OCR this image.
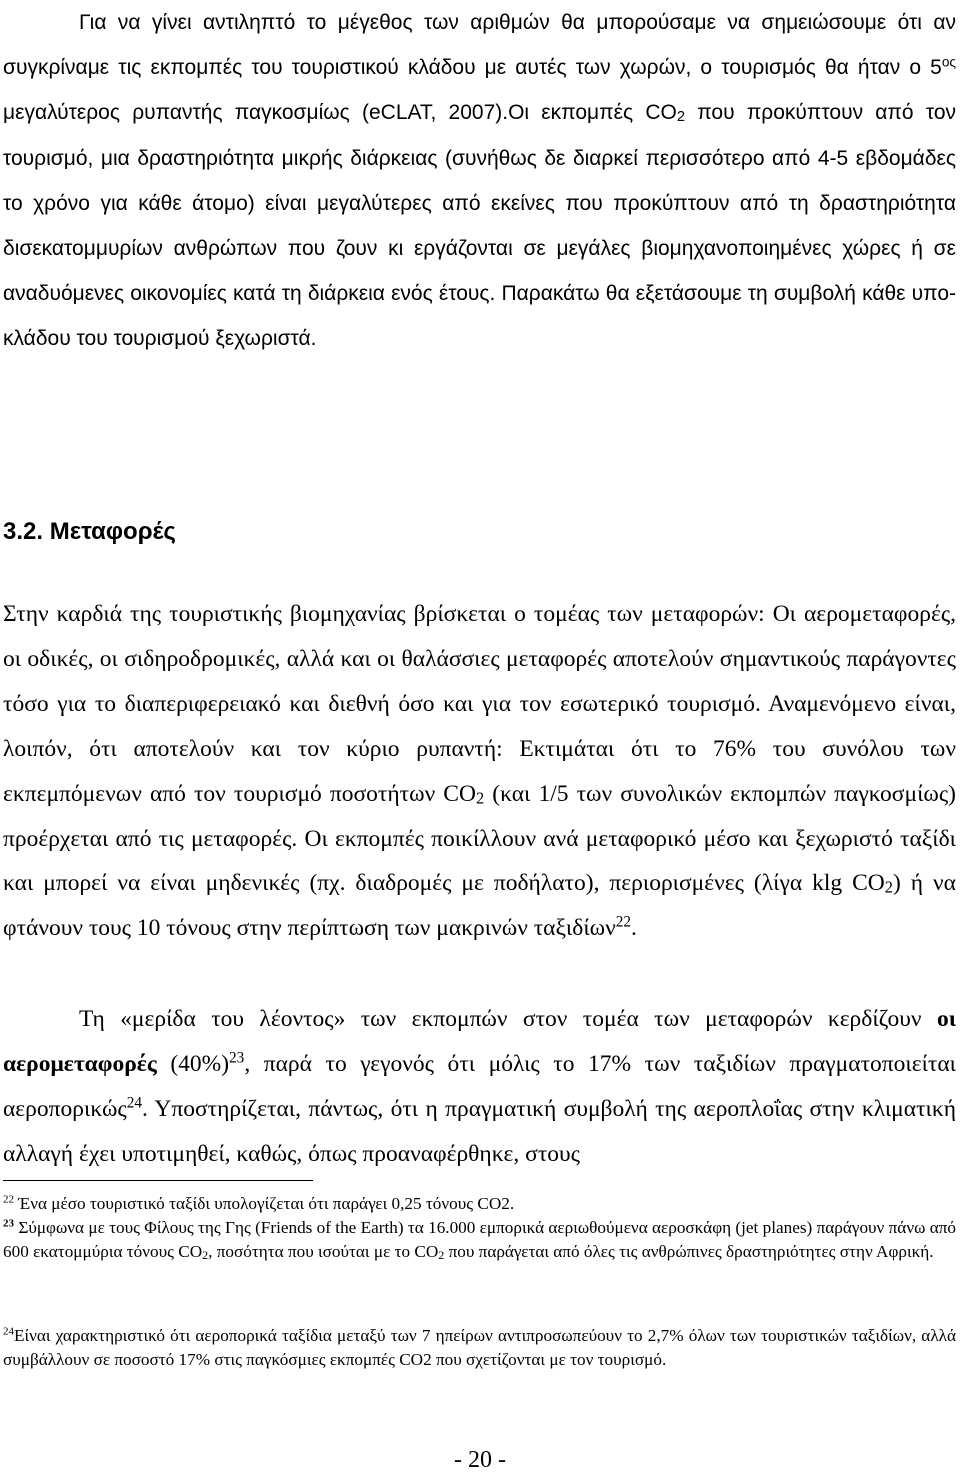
Για να γίνει αντιληπτό το μέγεθος των αριθμών θα μπορούσαμε να σημειώσουμε ότι αν συγκρίναμε τις εκπομπές του τουριστικού κλάδου με αυτές των χωρών, ο τουρισμός θα ήταν ο $5^{o\varsigma}$ μεγαλύτερος ρυπαντής παγκοσμίως (eCLAT, 2007).Οι εκπομπές $CO_2$ που προκύπτουν από τον τουρισμό, μια δραστηριότητα μικρής διάρκειας (συνήθως δε διαρκεί περισσότερο από 4-5 εβδομάδες το χρόνο για κάθε άτομο) είναι μεγαλύτερες από εκείνες που προκύπτουν από τη δραστηριότητα δισεκατομμυρίων ανθρώπων που ζουν κι εργάζονται σε μεγάλες βιομηχανοποιημένες χώρες ή σε αναδυόμενες οικονομίες κατά τη διάρκεια ενός έτους. Παρακάτω θα εξετάσουμε τη συμβολή κάθε υπο-κλάδου του τουρισμού ξεχωριστά.

3.2. Μεταφορές

Στην καρδιά της τουριστικής βιομηχανίας βρίσκεται ο τομέας των μεταφορών: Οι αερομεταφορές, οι οδικές, οι σιδηροδρομικές, αλλά και οι θαλάσσιες μεταφορές αποτελούν σημαντικούς παράγοντες τόσο για το διαπεριφερειακό και διεθνή όσο και για τον εσωτερικό τουρισμό. Αναμενόμενο είναι, λοιπόν, ότι αποτελούν και τον κύριο ρυπαντή: Εκτιμάται ότι το 76% του συνόλου των εκπεμπόμενων από τον τουρισμό ποσοτήτων $CO_2$ (και 1/5 των συνολικών εκπομπών παγκοσμίως) προέρχεται από τις μεταφορές. Οι εκπομπές ποικίλλουν ανά μεταφορικό μέσο και ξεχωριστό ταξίδι και μπορεί να είναι μηδενικές (πχ. διαδρομές με ποδήλατο), περιορισμένες (λίγα klg $CO_2$) ή να φτάνουν τους 10 τόνους στην περίπτωση των μακρινών ταξιδίων$^{22}$.

Τη «μερίδα του λέοντος» των εκπομπών στον τομέα των μεταφορών κερδίζουν οι αερομεταφορές $(40\%)^{23}$, παρά το γεγονός ότι μόλις το 17% των ταξιδίων πραγματοποιείται αεροπορικώς$^{24}$. Υποστηρίζεται, πάντως, ότι η πραγματική συμβολή της αεροπλοΐας στην κλιματική αλλαγή έχει υποτιμηθεί, καθώς, όπως προαναφέρθηκε, στους

$^{22}$ Ένα μέσο τουριστικό ταξίδι υπολογίζεται ότι παράγει 0,25 τόνους CO2.

$^{23}$ Σύμφωνα με τους Φίλους της Γης (Friends of the Earth) τα 16.000 εμπορικά αεριωθούμενα αεροσκάφη (jet planes) παράγουν πάνω από 600 εκατομμύρια τόνους $CO_2$, ποσότητα που ισούται με το $CO_2$ που παράγεται από όλες τις ανθρώπινες δραστηριότητες στην Αφρική.

$^{24}$Είναι χαρακτηριστικό ότι αεροπορικά ταξίδια μεταξύ των 7 ηπείρων αντιπροσωπεύουν το 2,7% όλων των τουριστικών ταξιδίων, αλλά συμβάλλουν σε ποσοστό 17% στις παγκόσμιες εκπομπές CO2 που σχετίζονται με τον τουρισμό.

- 20 -
